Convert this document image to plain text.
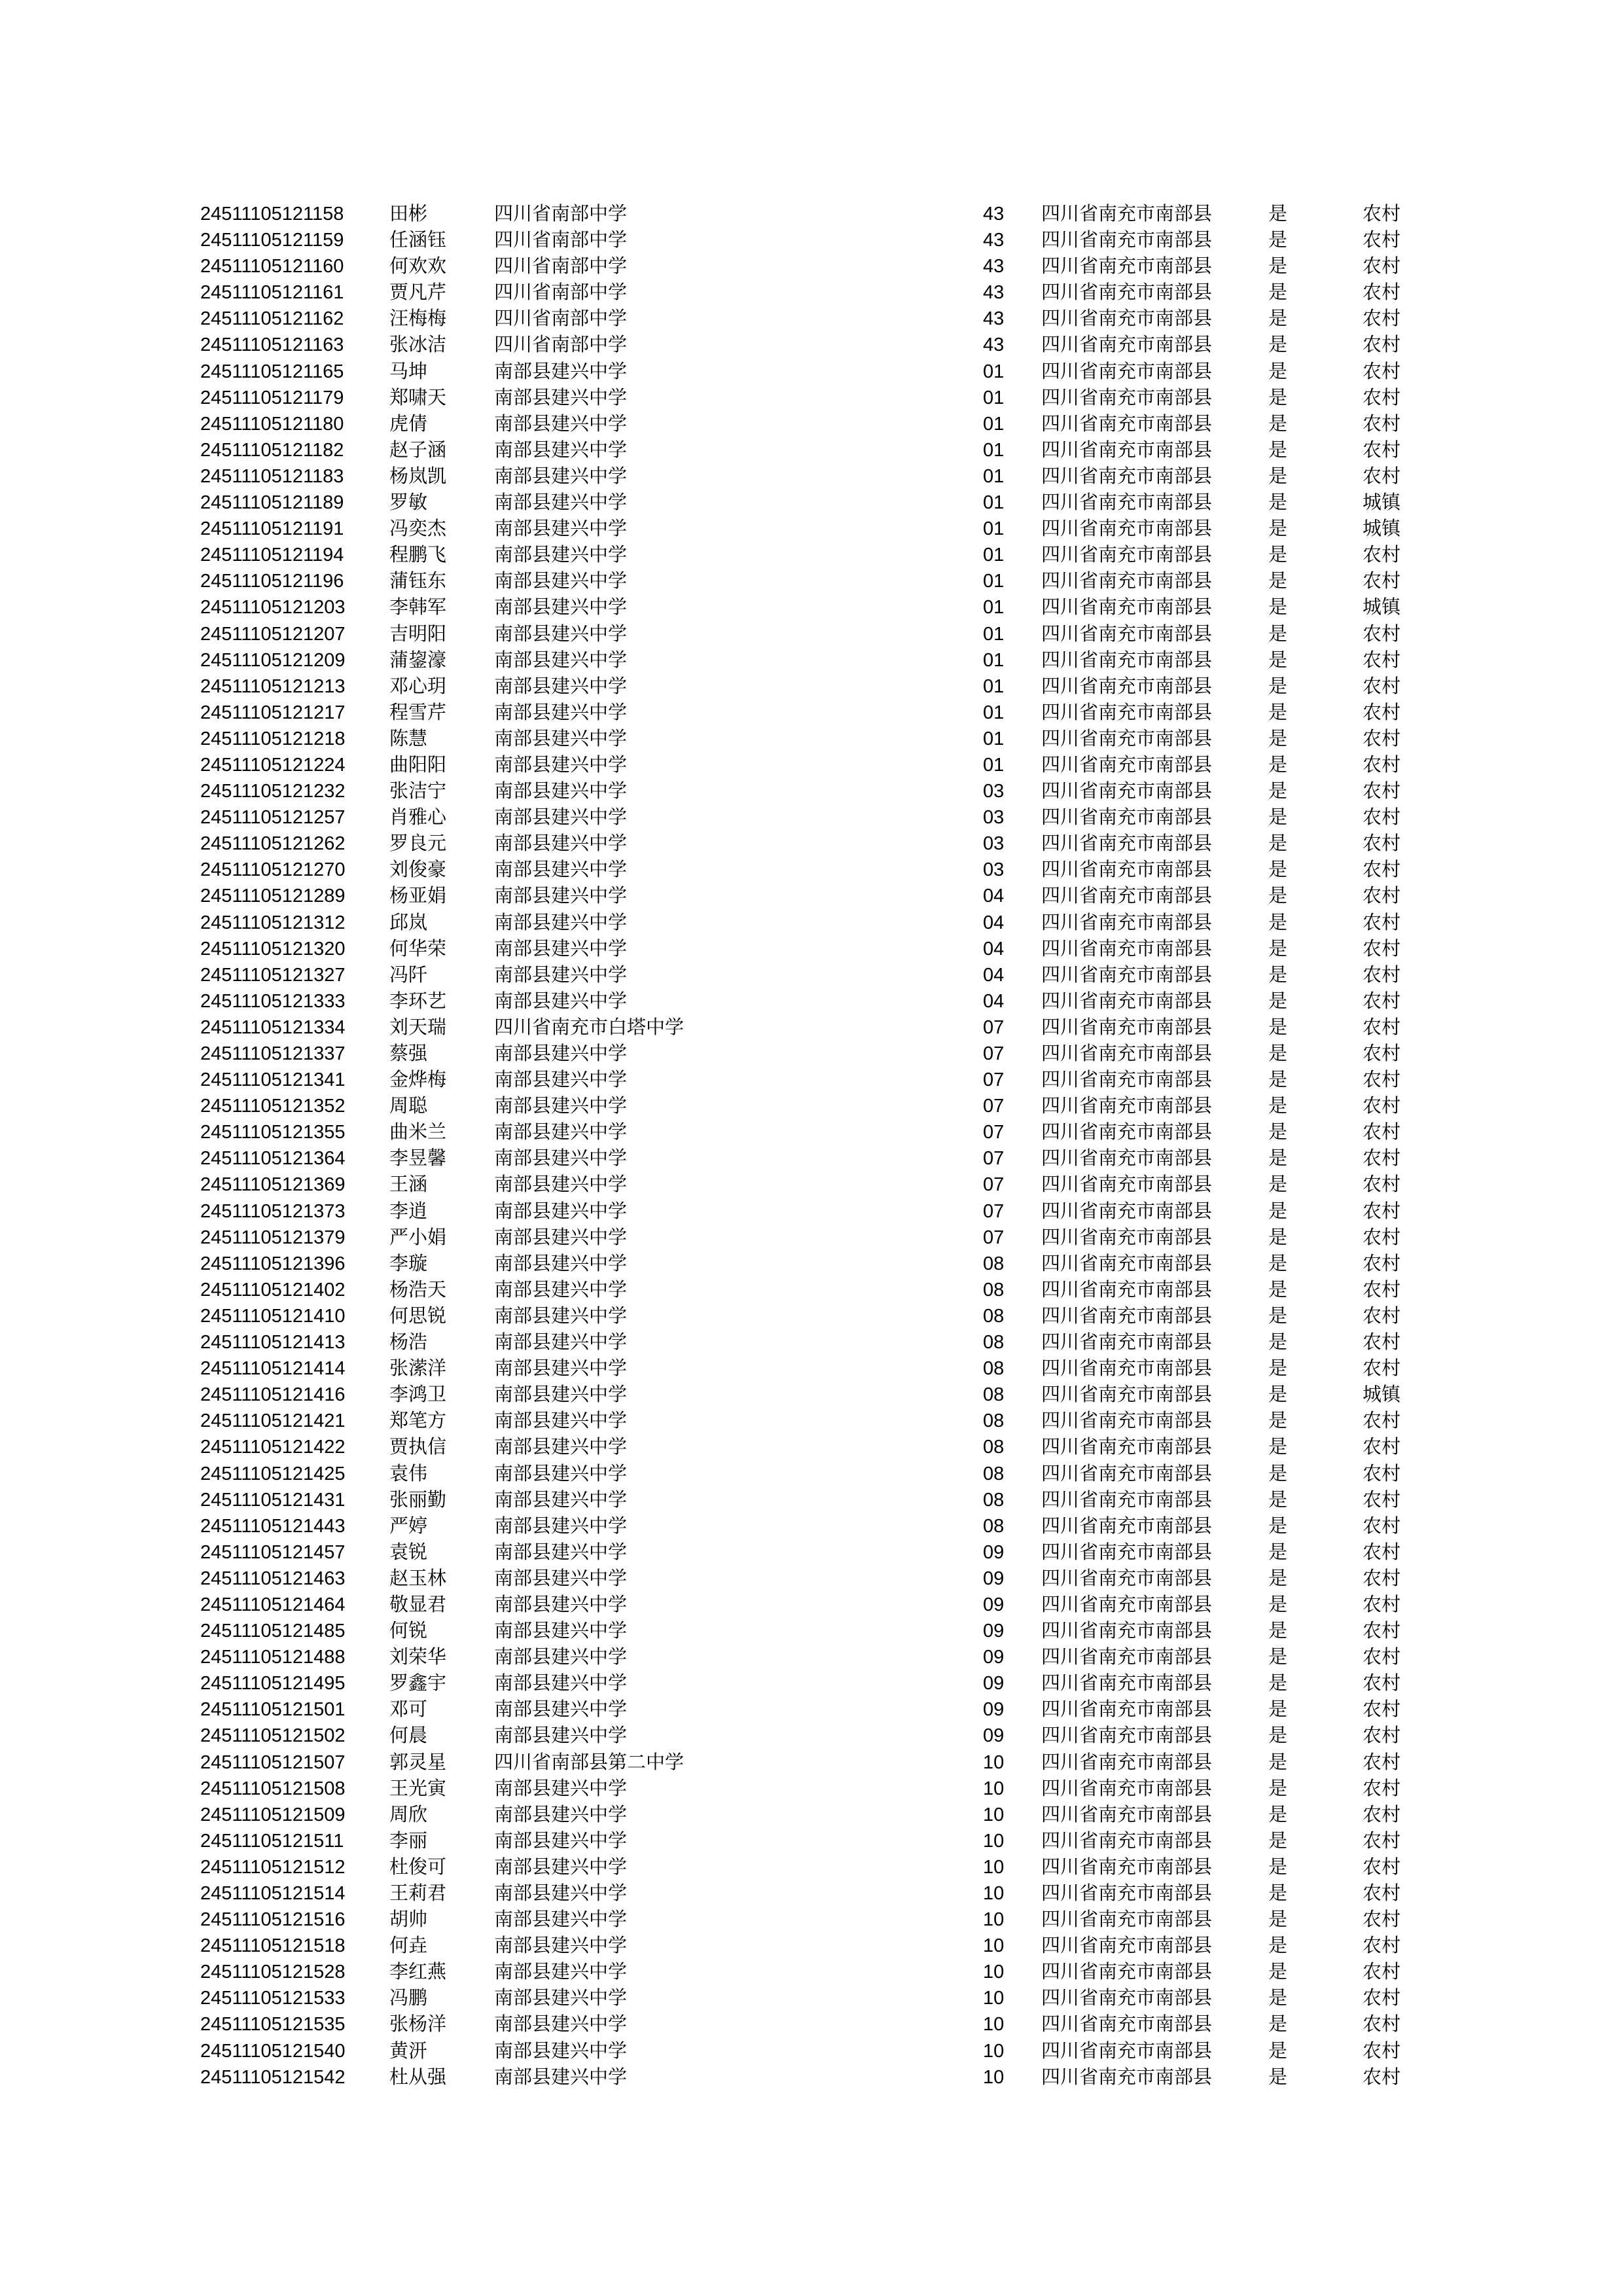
24511105121158 田彬	四川省南部中学	43 四川省南充市南部县	是	农村
24511105121159 任涵钰	四川省南部中学	43 四川省南充市南部县	是	农村
24511105121160 何欢欢	四川省南部中学	43 四川省南充市南部县	是	农村
24511105121161 贾凡芹	四川省南部中学	43 四川省南充市南部县	是	农村
24511105121162 汪梅梅	四川省南部中学	43 四川省南充市南部县	是	农村
24511105121163 张冰洁	四川省南部中学	43 四川省南充市南部县	是	农村
24511105121165 马坤	南部县建兴中学	01 四川省南充市南部县	是	农村
24511105121179 郑啸天	南部县建兴中学	01 四川省南充市南部县	是	农村
24511105121180 虎倩	南部县建兴中学	01 四川省南充市南部县	是	农村
24511105121182 赵子涵	南部县建兴中学	01 四川省南充市南部县	是	农村
24511105121183 杨岚凯	南部县建兴中学	01 四川省南充市南部县	是	农村
24511105121189 罗敏	南部县建兴中学	01 四川省南充市南部县	是	城镇
24511105121191 冯奕杰	南部县建兴中学	01 四川省南充市南部县	是	城镇
24511105121194 程鹏飞	南部县建兴中学	01 四川省南充市南部县	是	农村
24511105121196 蒲钰东	南部县建兴中学	01 四川省南充市南部县	是	农村
24511105121203 李韩军	南部县建兴中学	01 四川省南充市南部县	是	城镇
24511105121207 吉明阳	南部县建兴中学	01 四川省南充市南部县	是	农村
24511105121209 蒲鋆濠	南部县建兴中学	01 四川省南充市南部县	是	农村
24511105121213 邓心玥	南部县建兴中学	01 四川省南充市南部县	是	农村
24511105121217 程雪芹	南部县建兴中学	01 四川省南充市南部县	是	农村
24511105121218 陈慧	南部县建兴中学	01 四川省南充市南部县	是	农村
24511105121224 曲阳阳	南部县建兴中学	01 四川省南充市南部县	是	农村
24511105121232 张洁宁	南部县建兴中学	03 四川省南充市南部县	是	农村
24511105121257 肖雅心	南部县建兴中学	03 四川省南充市南部县	是	农村
24511105121262 罗良元	南部县建兴中学	03 四川省南充市南部县	是	农村
24511105121270 刘俊豪	南部县建兴中学	03 四川省南充市南部县	是	农村
24511105121289 杨亚娟	南部县建兴中学	04 四川省南充市南部县	是	农村
24511105121312 邱岚	南部县建兴中学	04 四川省南充市南部县	是	农村
24511105121320 何华荣	南部县建兴中学	04 四川省南充市南部县	是	农村
24511105121327 冯阡	南部县建兴中学	04 四川省南充市南部县	是	农村
24511105121333 李环艺	南部县建兴中学	04 四川省南充市南部县	是	农村
24511105121334 刘天瑞	四川省南充市白塔中学	07 四川省南充市南部县	是	农村
24511105121337 蔡强	南部县建兴中学	07 四川省南充市南部县	是	农村
24511105121341 金烨梅	南部县建兴中学	07 四川省南充市南部县	是	农村
24511105121352 周聪	南部县建兴中学	07 四川省南充市南部县	是	农村
24511105121355 曲米兰	南部县建兴中学	07 四川省南充市南部县	是	农村
24511105121364 李昱馨	南部县建兴中学	07 四川省南充市南部县	是	农村
24511105121369 王涵	南部县建兴中学	07 四川省南充市南部县	是	农村
24511105121373 李逍	南部县建兴中学	07 四川省南充市南部县	是	农村
24511105121379 严小娟	南部县建兴中学	07 四川省南充市南部县	是	农村
24511105121396 李璇	南部县建兴中学	08 四川省南充市南部县	是	农村
24511105121402 杨浩天	南部县建兴中学	08 四川省南充市南部县	是	农村
24511105121410 何思锐	南部县建兴中学	08 四川省南充市南部县	是	农村
24511105121413 杨浩	南部县建兴中学	08 四川省南充市南部县	是	农村
24511105121414 张潆洋	南部县建兴中学	08 四川省南充市南部县	是	农村
24511105121416 李鸿卫	南部县建兴中学	08 四川省南充市南部县	是	城镇
24511105121421 郑笔方	南部县建兴中学	08 四川省南充市南部县	是	农村
24511105121422 贾执信	南部县建兴中学	08 四川省南充市南部县	是	农村
24511105121425 袁伟	南部县建兴中学	08 四川省南充市南部县	是	农村
24511105121431 张丽勤	南部县建兴中学	08 四川省南充市南部县	是	农村
24511105121443 严婷	南部县建兴中学	08 四川省南充市南部县	是	农村
24511105121457 袁锐	南部县建兴中学	09 四川省南充市南部县	是	农村
24511105121463 赵玉林	南部县建兴中学	09 四川省南充市南部县	是	农村
24511105121464 敬显君	南部县建兴中学	09 四川省南充市南部县	是	农村
24511105121485 何锐	南部县建兴中学	09 四川省南充市南部县	是	农村
24511105121488 刘荣华	南部县建兴中学	09 四川省南充市南部县	是	农村
24511105121495 罗鑫宇	南部县建兴中学	09 四川省南充市南部县	是	农村
24511105121501 邓可	南部县建兴中学	09 四川省南充市南部县	是	农村
24511105121502 何晨	南部县建兴中学	09 四川省南充市南部县	是	农村
24511105121507 郭灵星	四川省南部县第二中学	10 四川省南充市南部县	是	农村
24511105121508 王光寅	南部县建兴中学	10 四川省南充市南部县	是	农村
24511105121509 周欣	南部县建兴中学	10 四川省南充市南部县	是	农村
24511105121511 李丽	南部县建兴中学	10 四川省南充市南部县	是	农村
24511105121512 杜俊可	南部县建兴中学	10 四川省南充市南部县	是	农村
24511105121514 王莉君	南部县建兴中学	10 四川省南充市南部县	是	农村
24511105121516 胡帅	南部县建兴中学	10 四川省南充市南部县	是	农村
24511105121518 何垚	南部县建兴中学	10 四川省南充市南部县	是	农村
24511105121528 李红燕	南部县建兴中学	10 四川省南充市南部县	是	农村
24511105121533 冯鹏	南部县建兴中学	10 四川省南充市南部县	是	农村
24511105121535 张杨洋	南部县建兴中学	10 四川省南充市南部县	是	农村
24511105121540 黄汧	南部县建兴中学	10 四川省南充市南部县	是	农村
24511105121542 杜从强	南部县建兴中学	10 四川省南充市南部县	是	农村
